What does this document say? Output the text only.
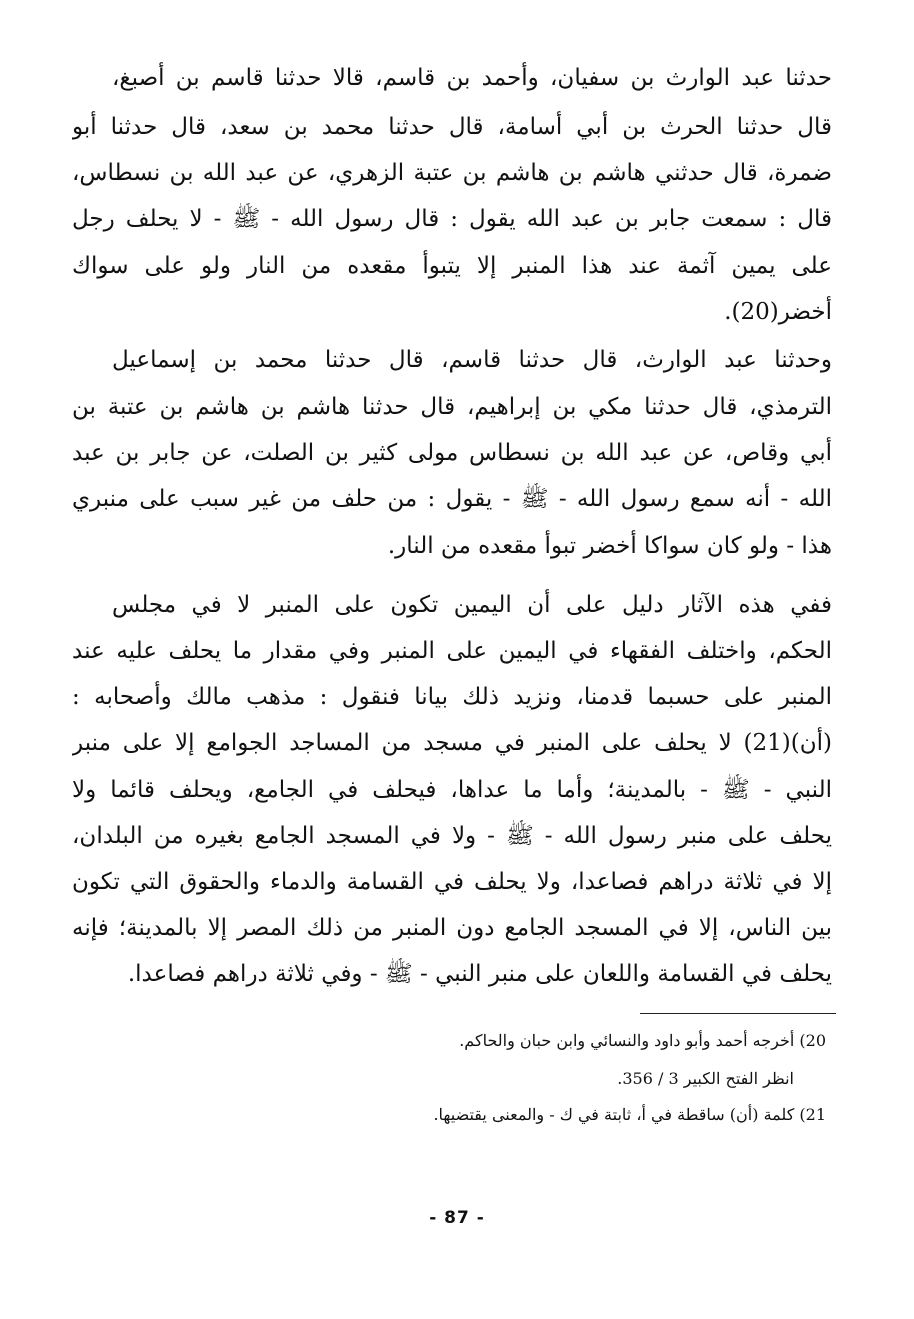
حدثنا عبد الوارث بن سفيان، وأحمد بن قاسم، قالا حدثنا قاسم بن أصبغ،
قال حدثنا الحرث بن أبي أسامة، قال حدثنا محمد بن سعد، قال حدثنا أبو
ضمرة، قال حدثني هاشم بن هاشم بن عتبة الزهري، عن عبد الله بن نسطاس،
قال : سمعت جابر بن عبد الله يقول : قال رسول الله - ﷺ - لا يحلف رجل
على يمين آثمة عند هذا المنبر إلا يتبوأ مقعده من النار ولو على سواك
أخضر(20).
وحدثنا عبد الوارث، قال حدثنا قاسم، قال حدثنا محمد بن إسماعيل
الترمذي، قال حدثنا مكي بن إبراهيم، قال حدثنا هاشم بن هاشم بن عتبة بن
أبي وقاص، عن عبد الله بن نسطاس مولى كثير بن الصلت، عن جابر بن عبد
الله - أنه سمع رسول الله - ﷺ - يقول : من حلف من غير سبب على منبري
هذا - ولو كان سواكا أخضر تبوأ مقعده من النار.
ففي هذه الآثار دليل على أن اليمين تكون على المنبر لا في مجلس
الحكم، واختلف الفقهاء في اليمين على المنبر وفي مقدار ما يحلف عليه عند
المنبر على حسبما قدمنا، ونزيد ذلك بيانا فنقول : مذهب مالك وأصحابه :
(أن)(21) لا يحلف على المنبر في مسجد من المساجد الجوامع إلا على منبر
النبي - ﷺ - بالمدينة؛ وأما ما عداها، فيحلف في الجامع، ويحلف قائما ولا
يحلف على منبر رسول الله - ﷺ - ولا في المسجد الجامع بغيره من البلدان،
إلا في ثلاثة دراهم فصاعدا، ولا يحلف في القسامة والدماء والحقوق التي تكون
بين الناس، إلا في المسجد الجامع دون المنبر من ذلك المصر إلا بالمدينة؛ فإنه
يحلف في القسامة واللعان على منبر النبي - ﷺ - وفي ثلاثة دراهم فصاعدا.
20) أخرجه أحمد وأبو داود والنسائي وابن حبان والحاكم.
انظر الفتح الكبير 3 / 356.
21) كلمة (أن) ساقطة في أ، ثابتة في ك - والمعنى يقتضيها.
- 87 -
